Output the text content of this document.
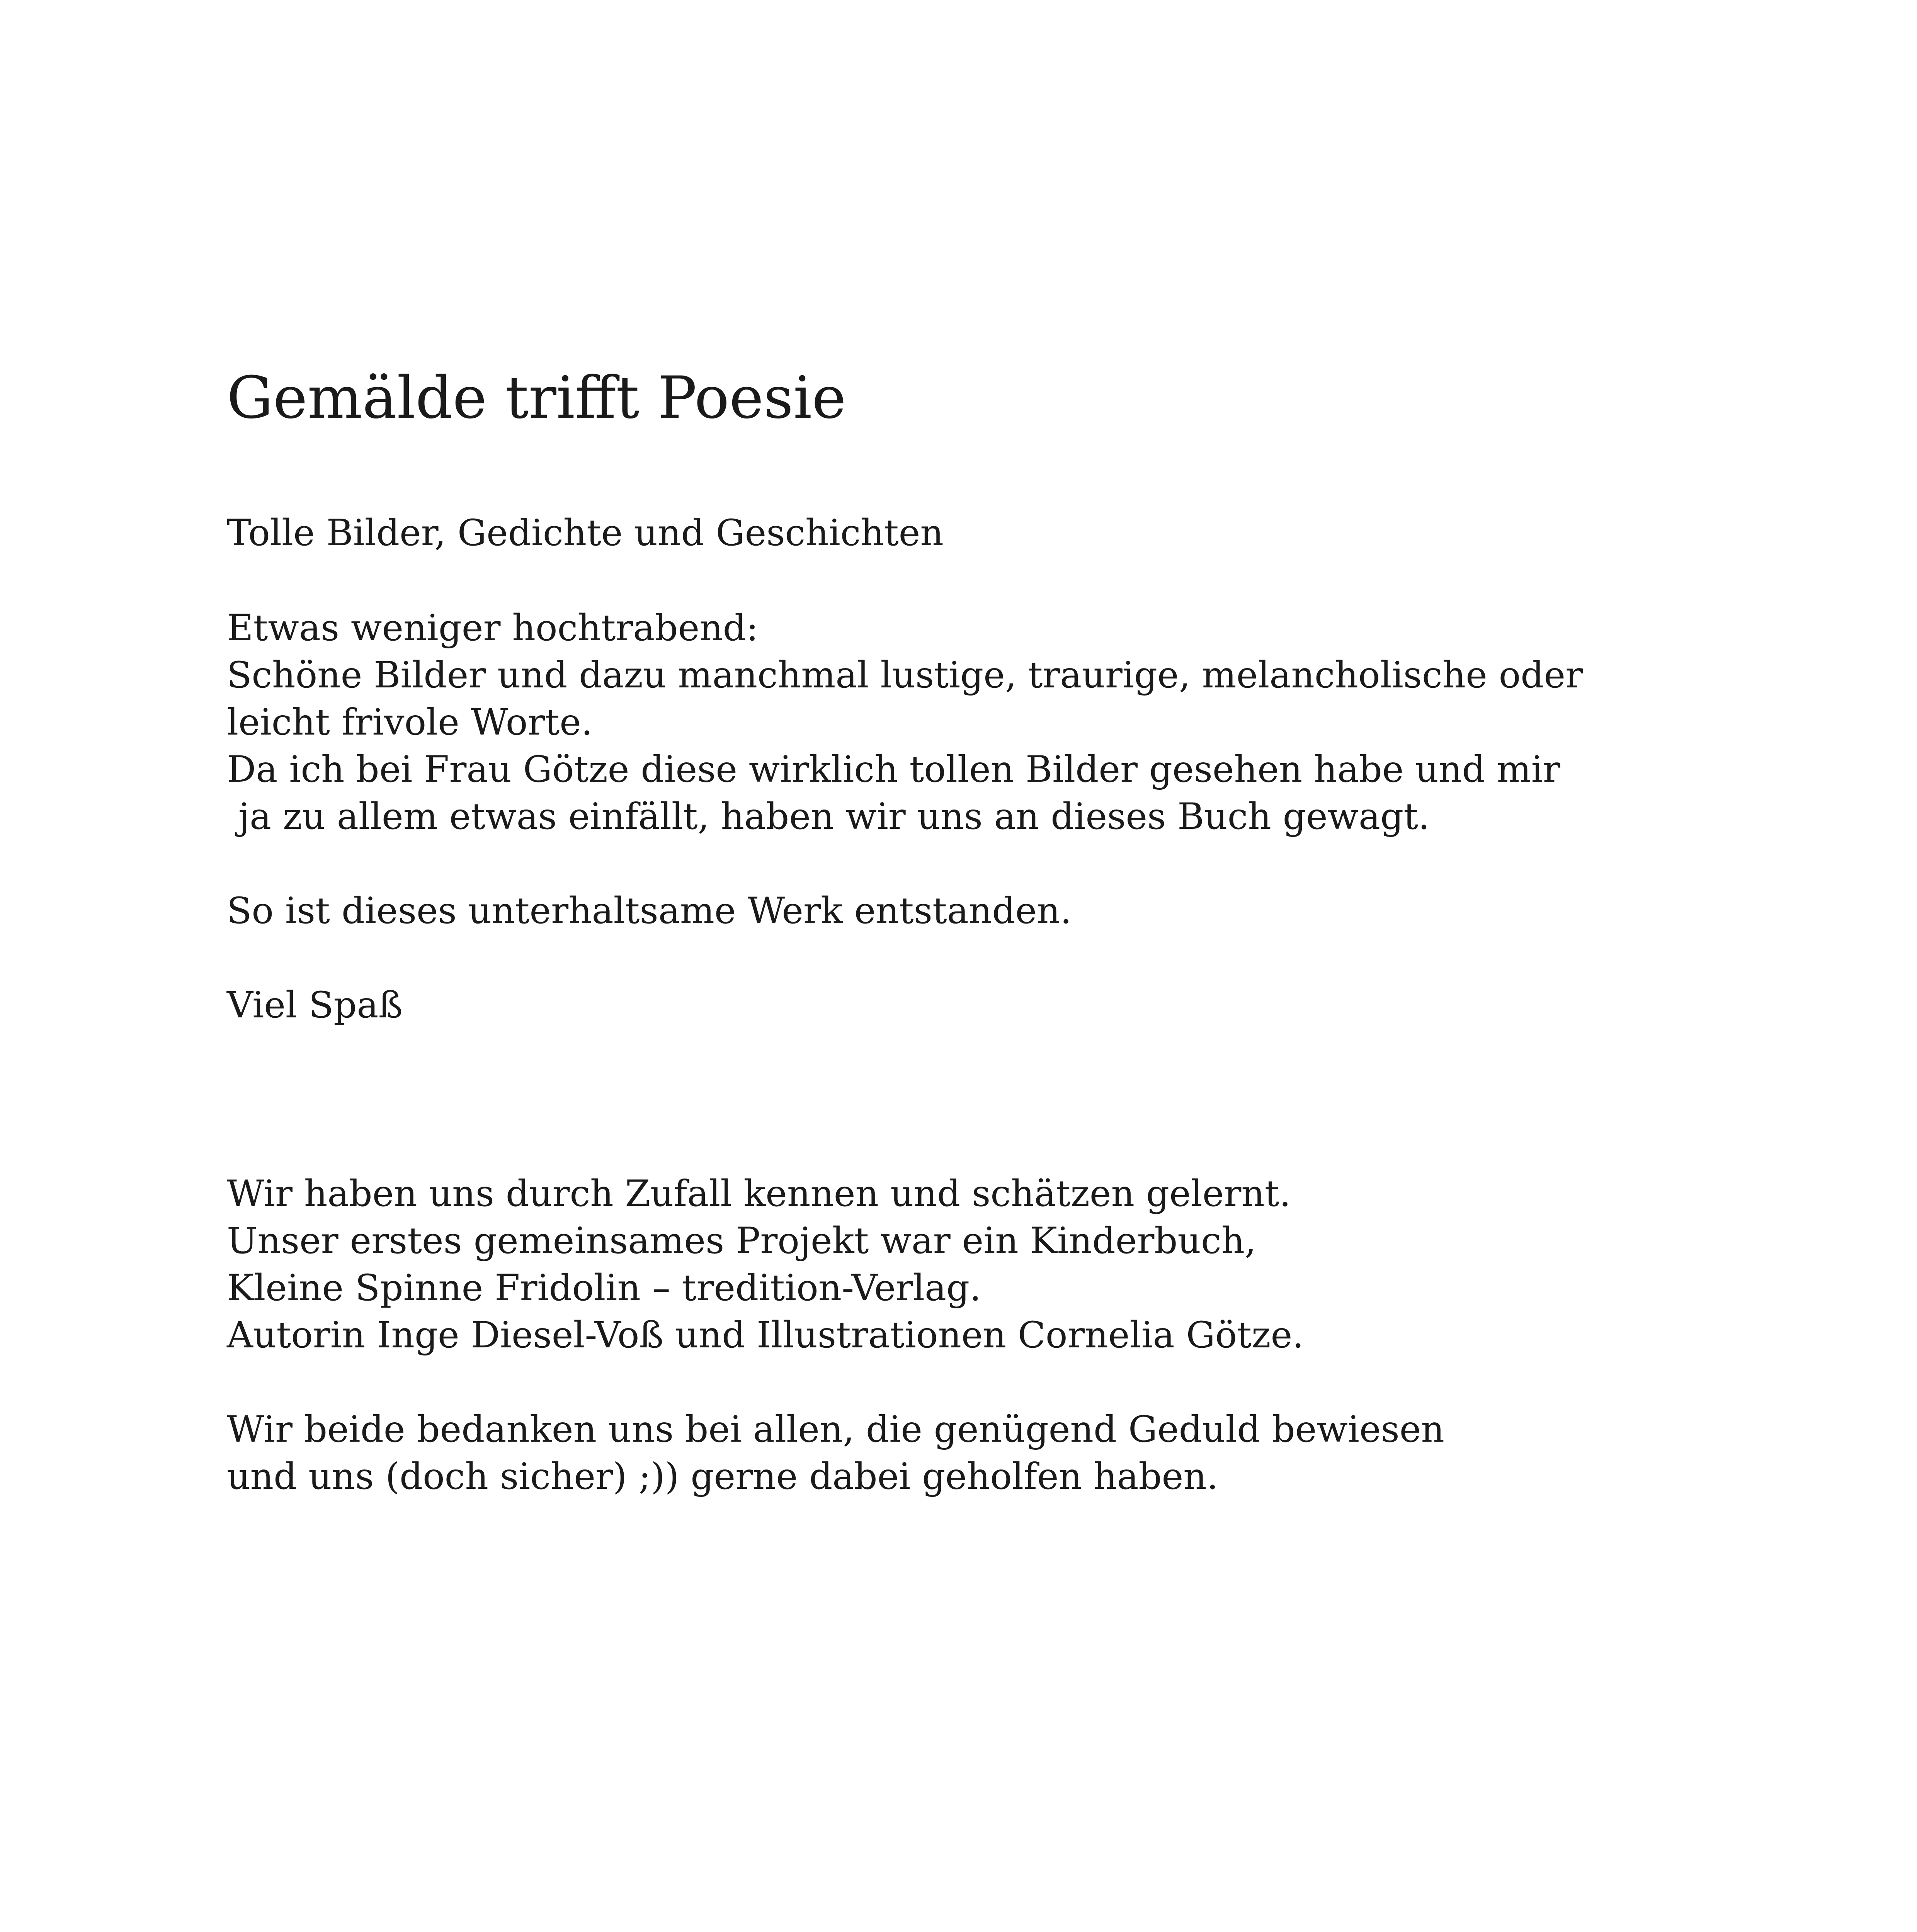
Gemälde trifft Poesie

Tolle Bilder, Gedichte und Geschichten

Etwas weniger hochtrabend:

Schöne Bilder und dazu manchmal lustige, traurige, melancholische oder

leicht frivole Worte.

Da ich bei Frau Götze diese wirklich tollen Bilder gesehen habe und mir

ja zu allem etwas einfällt, haben wir uns an dieses Buch gewagt.

So ist dieses unterhaltsame Werk entstanden.

Viel Spaß

Wir haben uns durch Zufall kennen und schätzen gelernt.

Unser erstes gemeinsames Projekt war ein Kinderbuch,

Kleine Spinne Fridolin – tredition-Verlag.

Autorin Inge Diesel-Voß und Illustrationen Cornelia Götze.

Wir beide bedanken uns bei allen, die genügend Geduld bewiesen

und uns (doch sicher) ;)) gerne dabei geholfen haben.
